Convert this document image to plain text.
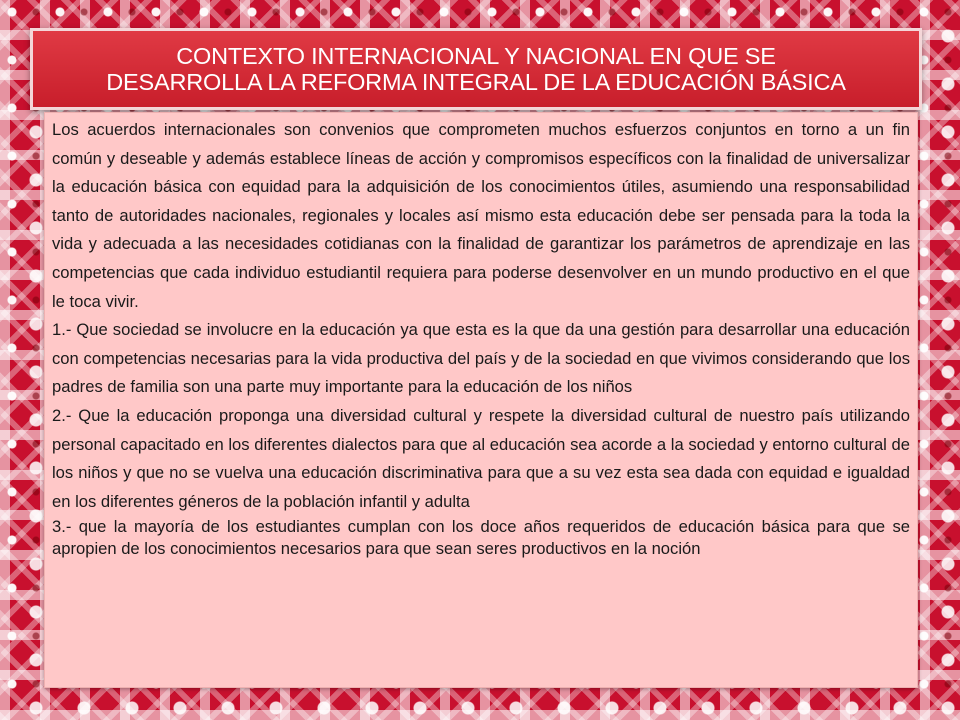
CONTEXTO INTERNACIONAL Y NACIONAL EN QUE SE
DESARROLLA LA REFORMA INTEGRAL DE LA EDUCACIÓN BÁSICA

Los acuerdos internacionales son convenios que comprometen muchos esfuerzos conjuntos en torno a un fin común y deseable y además establece líneas de acción y compromisos específicos con la finalidad de universalizar la educación básica con equidad para la adquisición de los conocimientos útiles, asumiendo una responsabilidad tanto de autoridades nacionales, regionales y locales así mismo esta educación debe ser pensada para la toda la vida y adecuada a las necesidades cotidianas con la finalidad de garantizar los parámetros de aprendizaje en las competencias que cada individuo estudiantil requiera para poderse desenvolver en un mundo productivo en el que le toca vivir.

1.- Que sociedad se involucre en la educación ya que esta es la que da una gestión para desarrollar una educación con competencias necesarias para la vida productiva del país y de la sociedad en que vivimos considerando que los padres de familia son una parte muy importante para la educación de los niños

2.- Que la educación proponga una diversidad cultural y respete la diversidad cultural de nuestro país utilizando personal capacitado en los diferentes dialectos para que al educación sea acorde a la sociedad y entorno cultural de los niños y que no se vuelva una educación discriminativa para que a su vez esta sea dada con equidad e igualdad en los diferentes géneros de la población infantil y adulta

3.- que la mayoría de los estudiantes cumplan con los doce años requeridos de educación básica para que se apropien de los conocimientos necesarios para que sean seres productivos en la noción
